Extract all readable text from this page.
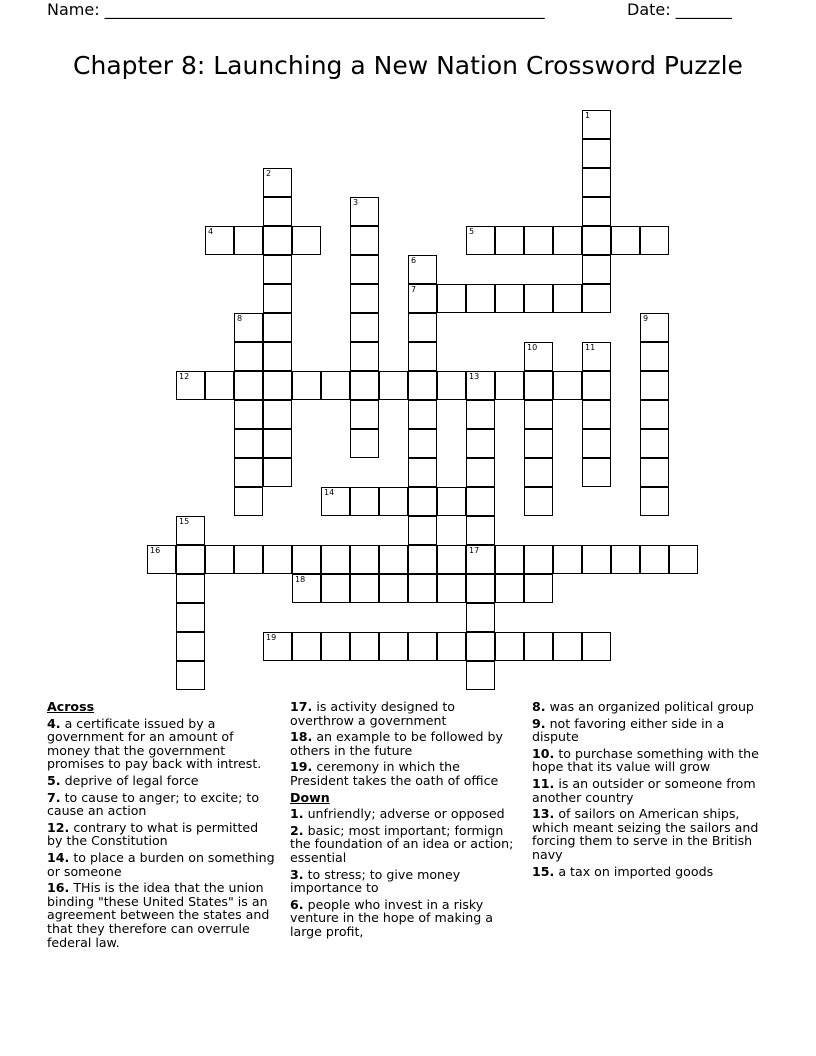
Name: _______________________________________________________	Date: _______
Chapter 8: Launching a New Nation Crossword Puzzle
1
2
3
4	5
6
7
8	9
10	11
12	13
17
14
15
16
18
19
Across
4. a certificate issued by a government for an amount of money that the government promises to pay back with intrest.
5. deprive of legal force
7. to cause to anger; to excite; to cause an action
12. contrary to what is permitted by the Constitution
14. to place a burden on something or someone
16. THis is the idea that the union binding "these United States" is an agreement between the states and that they therefore can overrule federal law.
17. is activity designed to overthrow a government
18. an example to be followed by others in the future
19. ceremony in which the President takes the oath of office
Down
1. unfriendly; adverse or opposed
2. basic; most important; formign the foundation of an idea or action; essential
3. to stress; to give money importance to
6. people who invest in a risky venture in the hope of making a large profit,
8. was an organized political group
9. not favoring either side in a dispute
10. to purchase something with the hope that its value will grow
11. is an outsider or someone from another country
13. of sailors on American ships, which meant seizing the sailors and forcing them to serve in the British navy
15. a tax on imported goods
